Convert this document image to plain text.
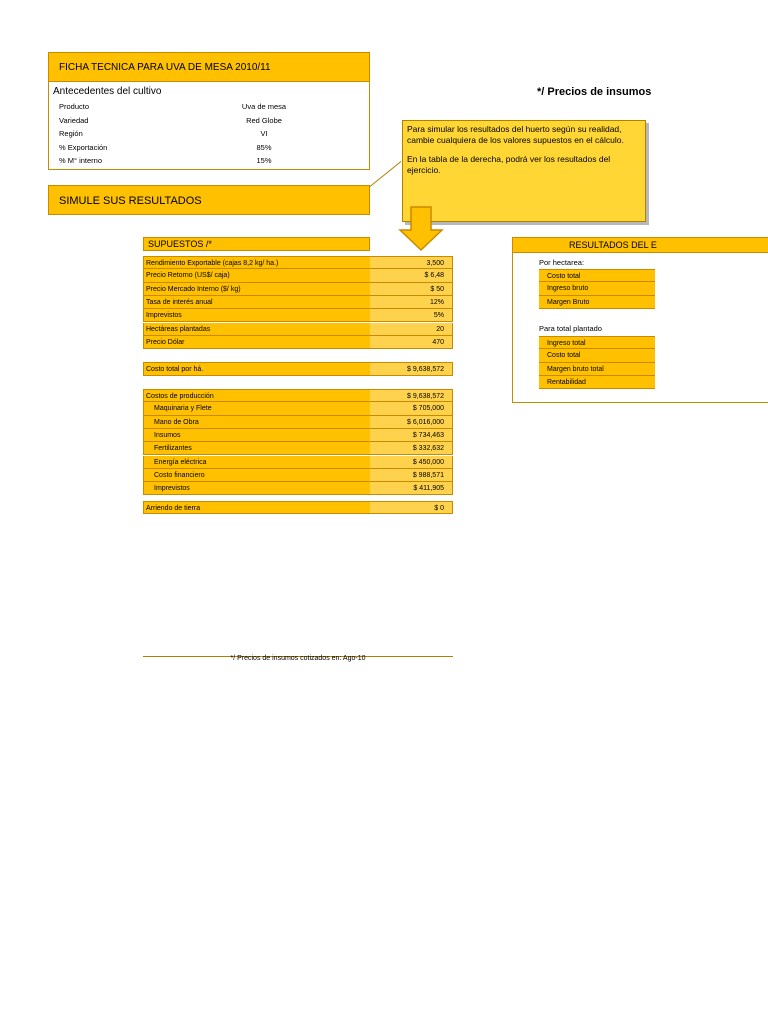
FICHA TECNICA PARA UVA DE MESA 2010/11
Antecedentes del cultivo
Producto	Uva de mesa
Variedad	Red Globe
Región	VI
% Exportación	85%
% M° interno	15%
SIMULE SUS RESULTADOS
*/ Precios de insumos

Para simular los resultados del huerto según su realidad, cambie cualquiera de los valores supuestos en el cálculo.

En la tabla de la derecha, podrá ver los resultados del ejercicio.

SUPUESTOS /*
Rendimiento Exportable (cajas 8,2 kg/ ha.)	3,500
Precio Retorno (US$/ caja)	$ 6,48
Precio Mercado Interno ($/ kg)	$ 50
Tasa de interés anual	12%
Imprevistos	5%
Hectáreas plantadas	20
Precio Dólar	470
Costo total por há.	$ 9,638,572
Costos de producción	$ 9,638,572
Maquinaria y Flete	$ 705,000
Mano de Obra	$ 6,016,000
Insumos	$ 734,463
Fertilizantes	$ 332,632
Energía eléctrica	$ 450,000
Costo financiero	$ 988,571
Imprevistos	$ 411,905
Arriendo de tierra	$ 0
RESULTADOS DEL E
Por hectarea:
Costo total
Ingreso bruto
Margen Bruto
Para total plantado
Ingreso total
Costo total
Margen bruto total
Rentabilidad
*/ Precios de insumos cotizados en: Ago-10
